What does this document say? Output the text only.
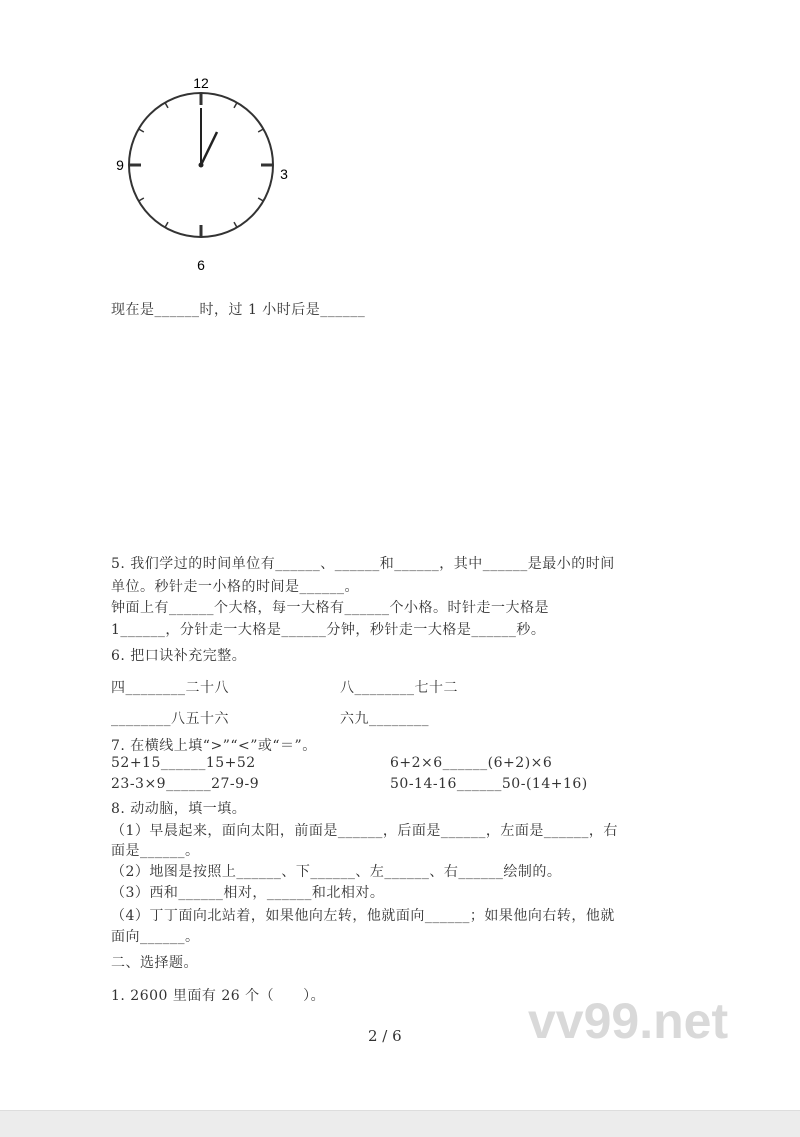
12
3
6
9
现在是______时，过 1 小时后是______
5. 我们学过的时间单位有______、______和______，其中______是最小的时间
单位。秒针走一小格的时间是______。
钟面上有______个大格，每一大格有______个小格。时针走一大格是
1______，分针走一大格是______分钟，秒针走一大格是______秒。
6. 把口诀补充完整。
四________二十八	八________七十二
________八五十六	六九________
7. 在横线上填“>”“<”或“＝”。
52+15______15+52	6+2×6______(6+2)×6
23-3×9______27-9-9	50-14-16______50-(14+16)
8. 动动脑，填一填。
（1）早晨起来，面向太阳，前面是______，后面是______，左面是______，右
面是______。
（2）地图是按照上______、下______、左______、右______绘制的。
（3）西和______相对，______和北相对。
（4）丁丁面向北站着，如果他向左转，他就面向______；如果他向右转，他就
面向______。
二、选择题。
1. 2600 里面有 26 个（　　）。	vv99.net
2 / 6
